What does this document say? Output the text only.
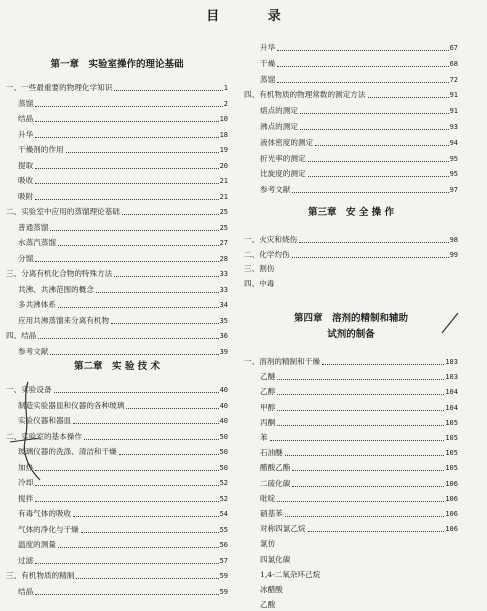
目 录
第一章　实验室操作的理论基础
一、 一些最重要的物理化学知识	1
蒸馏	2
结晶	10
升华	18
干燥剂的作用	19
提取	20
吸收	21
吸附	21
二、 实验室中应用的蒸馏理论基础	25
普通蒸馏	25
水蒸汽蒸馏	27
分馏	28
三、 分离有机化合物的特殊方法	33
共沸、共沸范围的概念	33
多共沸体系	34
应用共沸蒸馏来分离有机物	35
四、 结晶	36
参考文献	39
第二章　实 验 技 术
一、 实验设备	40
制造实验器皿和仪器的各种玻璃	40
实验仪器和器皿	40
二、 实验室的基本操作	50
玻璃仪器的洗涤、清洁和干燥	50
加热	50
冷却	52
搅拌	52
有毒气体的吸收	54
气体的净化与干燥	55
温度的测量	56
过滤	57
三、 有机物质的精制	59
结晶	59
升华	67
干燥	68
蒸馏	72
四、 有机物质的物理常数的测定方法	91
熔点的测定	91
沸点的测定	93
液体密度的测定	94
折光率的测定	95
比旋度的测定	95
参考文献	97
第三章　安 全 操 作
一、 火灾和烧伤	98
二、 化学灼伤	99
三、 割伤
四、 中毒
第四章　溶剂的精制和辅助
试剂的制备
一、 溶剂的精制和干燥	103
乙醚	103
乙醇	104
甲醇	104
丙酮	105
苯	105
石油醚	105
醋酸乙酯	105
二硫化碳	106
吡啶	106
硝基苯	106
对称四氯乙烷	106
氯仿
四氯化碳
1,4-二氧杂环己烷
冰醋酸
乙酸
